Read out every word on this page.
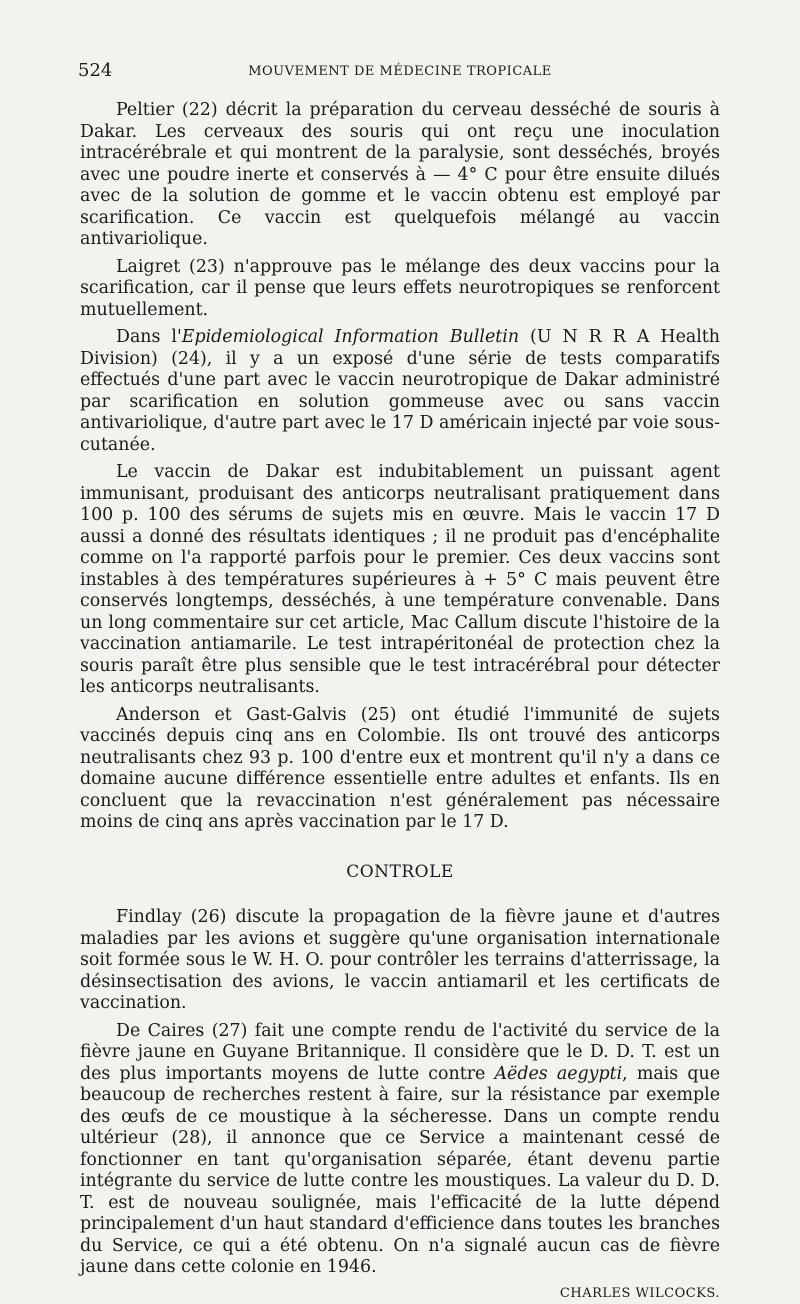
524	MOUVEMENT DE MÉDECINE TROPICALE

Peltier (22) décrit la préparation du cerveau desséché de souris à Dakar. Les cerveaux des souris qui ont reçu une inoculation intracérébrale et qui montrent de la paralysie, sont desséchés, broyés avec une poudre inerte et conservés à — 4° C pour être ensuite dilués avec de la solution de gomme et le vaccin obtenu est employé par scarification. Ce vaccin est quelquefois mélangé au vaccin antivariolique.

Laigret (23) n'approuve pas le mélange des deux vaccins pour la scarification, car il pense que leurs effets neurotropiques se renforcent mutuellement.

Dans l'Epidemiological Information Bulletin (U N R R A Health Division) (24), il y a un exposé d'une série de tests comparatifs effectués d'une part avec le vaccin neurotropique de Dakar administré par scarification en solution gommeuse avec ou sans vaccin antivariolique, d'autre part avec le 17 D américain injecté par voie sous-cutanée.

Le vaccin de Dakar est indubitablement un puissant agent immunisant, produisant des anticorps neutralisant pratiquement dans 100 p. 100 des sérums de sujets mis en œuvre. Mais le vaccin 17 D aussi a donné des résultats identiques ; il ne produit pas d'encéphalite comme on l'a rapporté parfois pour le premier. Ces deux vaccins sont instables à des températures supérieures à + 5° C mais peuvent être conservés longtemps, desséchés, à une température convenable. Dans un long commentaire sur cet article, Mac Callum discute l'histoire de la vaccination antiamarile. Le test intrapéritonéal de protection chez la souris paraît être plus sensible que le test intracérébral pour détecter les anticorps neutralisants.

Anderson et Gast-Galvis (25) ont étudié l'immunité de sujets vaccinés depuis cinq ans en Colombie. Ils ont trouvé des anticorps neutralisants chez 93 p. 100 d'entre eux et montrent qu'il n'y a dans ce domaine aucune différence essentielle entre adultes et enfants. Ils en concluent que la revaccination n'est généralement pas nécessaire moins de cinq ans après vaccination par le 17 D.

CONTROLE

Findlay (26) discute la propagation de la fièvre jaune et d'autres maladies par les avions et suggère qu'une organisation internationale soit formée sous le W. H. O. pour contrôler les terrains d'atterrissage, la désinsectisation des avions, le vaccin antiamaril et les certificats de vaccination.

De Caires (27) fait une compte rendu de l'activité du service de la fièvre jaune en Guyane Britannique. Il considère que le D. D. T. est un des plus importants moyens de lutte contre Aëdes aegypti, mais que beaucoup de recherches restent à faire, sur la résistance par exemple des œufs de ce moustique à la sécheresse. Dans un compte rendu ultérieur (28), il annonce que ce Service a maintenant cessé de fonctionner en tant qu'organisation séparée, étant devenu partie intégrante du service de lutte contre les moustiques. La valeur du D. D. T. est de nouveau soulignée, mais l'efficacité de la lutte dépend principalement d'un haut standard d'efficience dans toutes les branches du Service, ce qui a été obtenu. On n'a signalé aucun cas de fièvre jaune dans cette colonie en 1946.

CHARLES WILCOCKS.
